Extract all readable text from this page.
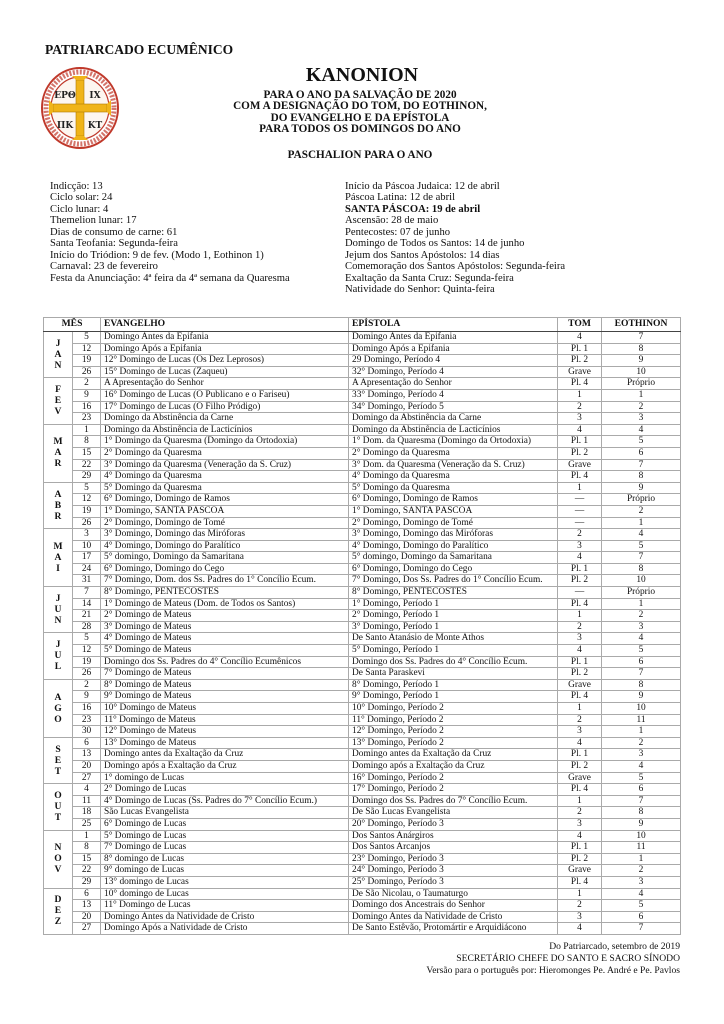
PATRIARCADO ECUMÊNICO
ΕΡΘ ΙΧ
ΠΚ ΚΤ
KANONION
PARA O ANO DA SALVAÇÃO DE 2020
COM A DESIGNAÇÃO DO TOM, DO EOTHINON,
DO EVANGELHO E DA EPÍSTOLA
PARA TODOS OS DOMINGOS DO ANO
PASCHALION PARA O ANO
Indicção: 13
Ciclo solar: 24
Ciclo lunar: 4
Themelion lunar: 17
Dias de consumo de carne: 61
Santa Teofania: Segunda-feira
Início do Triódion: 9 de fev. (Modo 1, Eothinon 1)
Carnaval: 23 de fevereiro
Festa da Anunciação: 4ª feira da 4ª semana da Quaresma
Início da Páscoa Judaica: 12 de abril
Páscoa Latina: 12 de abril
SANTA PÁSCOA: 19 de abril
Ascensão: 28 de maio
Pentecostes: 07 de junho
Domingo de Todos os Santos: 14 de junho
Jejum dos Santos Apóstolos: 14 dias
Comemoração dos Santos Apóstolos: Segunda-feira
Exaltação da Santa Cruz: Segunda-feira
Natividade do Senhor: Quinta-feira
MÊS		EVANGELHO	EPÍSTOLA	TOM	EOTHINON
JAN	5	Domingo Antes da Epifania	Domingo Antes da Epifania	4	7
	12	Domingo Após a Epifania	Domingo Após a Epifania	Pl. 1	8
	19	12° Domingo de Lucas (Os Dez Leprosos)	29 Domingo, Período 4	Pl. 2	9
	26	15° Domingo de Lucas (Zaqueu)	32° Domingo, Período 4	Grave	10
FEV	2	A Apresentação do Senhor	A Apresentação do Senhor	Pl. 4	Próprio
	9	16° Domingo de Lucas (O Publicano e o Fariseu)	33° Domingo, Período 4	1	1
	16	17° Domingo de Lucas (O Filho Pródigo)	34° Domingo, Período 5	2	2
	23	Domingo da Abstinência da Carne	Domingo da Abstinência da Carne	3	3
MAR	1	Domingo da Abstinência de Lacticínios	Domingo da Abstinência de Lacticínios	4	4
	8	1° Domingo da Quaresma (Domingo da Ortodoxia)	1° Dom. da Quaresma (Domingo da Ortodoxia)	Pl. 1	5
	15	2° Domingo da Quaresma	2° Domingo da Quaresma	Pl. 2	6
	22	3° Domingo da Quaresma (Veneração da S. Cruz)	3° Dom. da Quaresma (Veneração da S. Cruz)	Grave	7
	29	4° Domingo da Quaresma	4° Domingo da Quaresma	Pl. 4	8
ABR	5	5° Domingo da Quaresma	5° Domingo da Quaresma	1	9
	12	6° Domingo, Domingo de Ramos	6° Domingo, Domingo de Ramos	—	Próprio
	19	1° Domingo, SANTA PÁSCOA	1° Domingo, SANTA PÁSCOA	—	2
	26	2° Domingo, Domingo de Tomé	2° Domingo, Domingo de Tomé	—	1
MAI	3	3° Domingo, Domingo das Miróforas	3° Domingo, Domingo das Miróforas	2	4
	10	4° Domingo, Domingo do Paralítico	4° Domingo, Domingo do Paralítico	3	5
	17	5° domingo, Domingo da Samaritana	5° domingo, Domingo da Samaritana	4	7
	24	6° Domingo, Domingo do Cego	6° Domingo, Domingo do Cego	Pl. 1	8
	31	7° Domingo, Dom. dos Ss. Padres do 1° Concílio Ecum.	7° Domingo, Dos Ss. Padres do 1° Concílio Ecum.	Pl. 2	10
JUN	7	8° Domingo, PENTECOSTES	8° Domingo, PENTECOSTES	—	Próprio
	14	1° Domingo de Mateus (Dom. de Todos os Santos)	1° Domingo, Período 1	Pl. 4	1
	21	2° Domingo de Mateus	2° Domingo, Período 1	1	2
	28	3° Domingo de Mateus	3° Domingo, Período 1	2	3
JUL	5	4° Domingo de Mateus	De Santo Atanásio de Monte Athos	3	4
	12	5° Domingo de Mateus	5° Domingo, Período 1	4	5
	19	Domingo dos Ss. Padres do 4° Concílio Ecumênicos	Domingo dos Ss. Padres do 4° Concílio Ecum.	Pl. 1	6
	26	7° Domingo de Mateus	De Santa Paraskevi	Pl. 2	7
AGO	2	8° Domingo de Mateus	8° Domingo, Período 1	Grave	8
	9	9° Domingo de Mateus	9° Domingo, Período 1	Pl. 4	9
	16	10° Domingo de Mateus	10° Domingo, Período 2	1	10
	23	11° Domingo de Mateus	11° Domingo, Período 2	2	11
	30	12° Domingo de Mateus	12° Domingo, Período 2	3	1
SET	6	13° Domingo de Mateus	13° Domingo, Período 2	4	2
	13	Domingo antes da Exaltação da Cruz	Domingo antes da Exaltação da Cruz	Pl. 1	3
	20	Domingo após a Exaltação da Cruz	Domingo após a Exaltação da Cruz	Pl. 2	4
	27	1° domingo de Lucas	16° Domingo, Período 2	Grave	5
OUT	4	2° Domingo de Lucas	17° Domingo, Período 2	Pl. 4	6
	11	4° Domingo de Lucas (Ss. Padres do 7° Concílio Ecum.)	Domingo dos Ss. Padres do 7° Concílio Ecum.	1	7
	18	São Lucas Evangelista	De São Lucas Evangelista	2	8
	25	6° Domingo de Lucas	20° Domingo, Período 3	3	9
NOV	1	5° Domingo de Lucas	Dos Santos Anárgiros	4	10
	8	7° Domingo de Lucas	Dos Santos Arcanjos	Pl. 1	11
	15	8° domingo de Lucas	23° Domingo, Período 3	Pl. 2	1
	22	9° domingo de Lucas	24° Domingo, Período 3	Grave	2
	29	13° domingo de Lucas	25° Domingo, Período 3	Pl. 4	3
DEZ	6	10° domingo de Lucas	De São Nicolau, o Taumaturgo	1	4
	13	11° Domingo de Lucas	Domingo dos Ancestrais do Senhor	2	5
	20	Domingo Antes da Natividade de Cristo	Domingo Antes da Natividade de Cristo	3	6
	27	Domingo Após a Natividade de Cristo	De Santo Estêvão, Protomártir e Arquidiácono	4	7
Do Patriarcado, setembro de 2019
SECRETÁRIO CHEFE DO SANTO E SACRO SÍNODO
Versão para o português por: Hieromonges Pe. André e Pe. Pavlos
